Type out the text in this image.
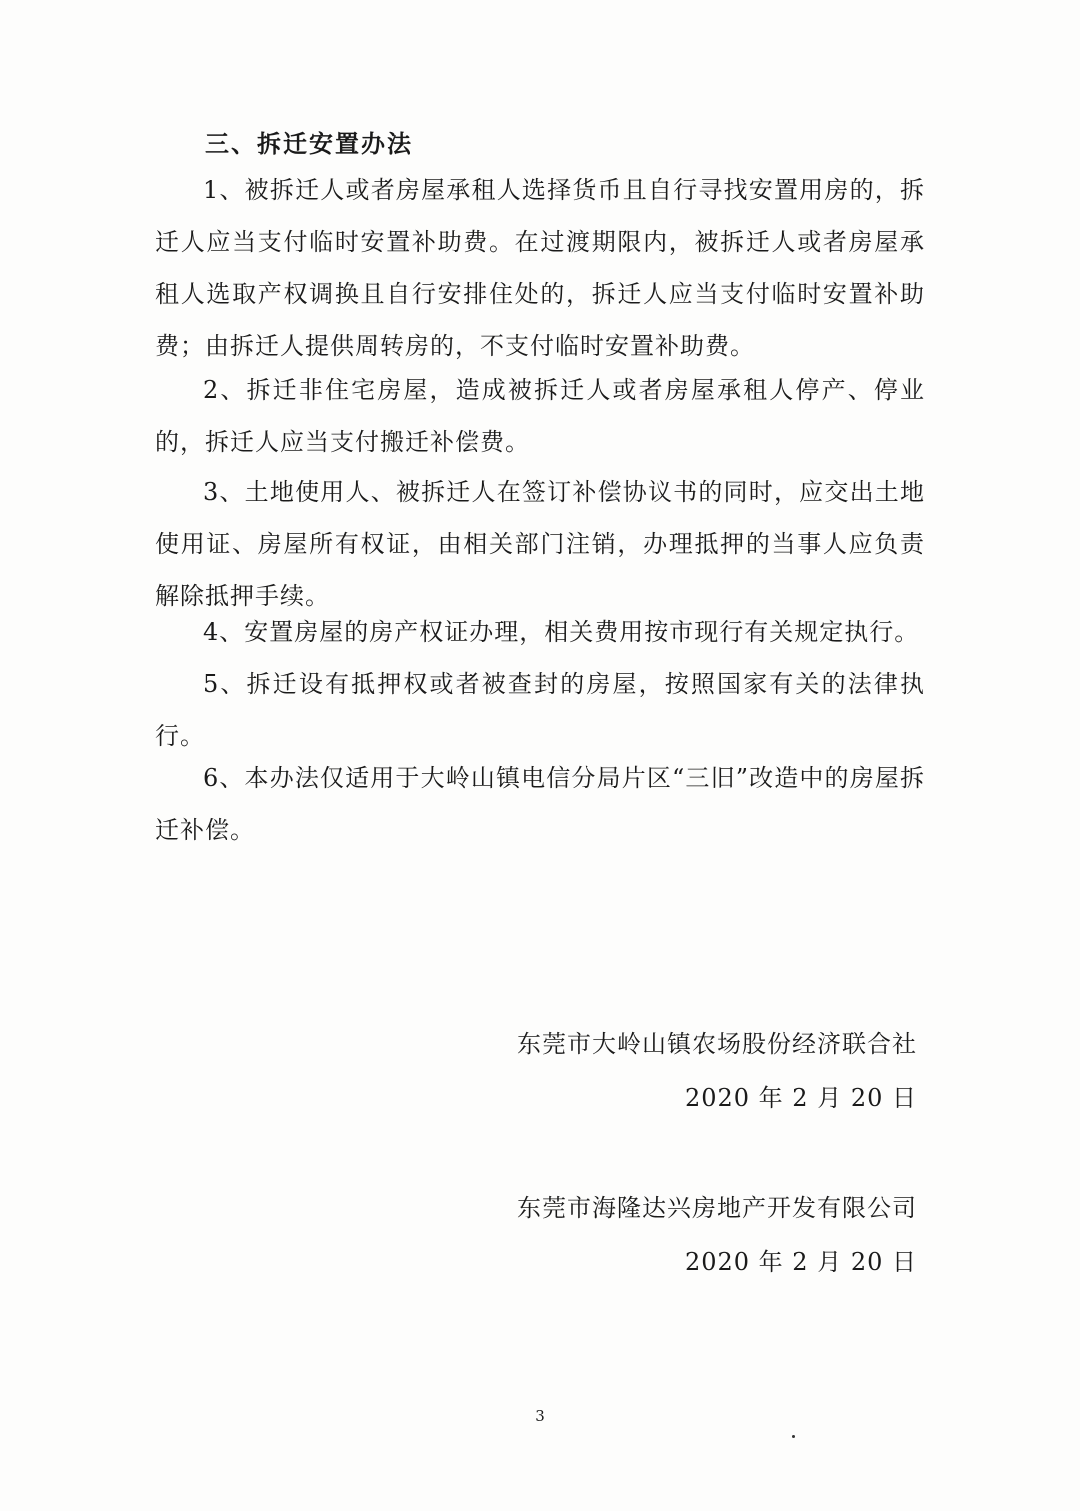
三、拆迁安置办法

1、被拆迁人或者房屋承租人选择货币且自行寻找安置用房的，拆迁人应当支付临时安置补助费。在过渡期限内，被拆迁人或者房屋承租人选取产权调换且自行安排住处的，拆迁人应当支付临时安置补助费；由拆迁人提供周转房的，不支付临时安置补助费。

2、拆迁非住宅房屋，造成被拆迁人或者房屋承租人停产、停业的，拆迁人应当支付搬迁补偿费。

3、土地使用人、被拆迁人在签订补偿协议书的同时，应交出土地使用证、房屋所有权证，由相关部门注销，办理抵押的当事人应负责解除抵押手续。

4、安置房屋的房产权证办理，相关费用按市现行有关规定执行。

5、拆迁设有抵押权或者被查封的房屋，按照国家有关的法律执行。

6、本办法仅适用于大岭山镇电信分局片区“三旧”改造中的房屋拆迁补偿。

东莞市大岭山镇农场股份经济联合社
2020 年 2 月 20 日
东莞市海隆达兴房地产开发有限公司
2020 年 2 月 20 日
3
